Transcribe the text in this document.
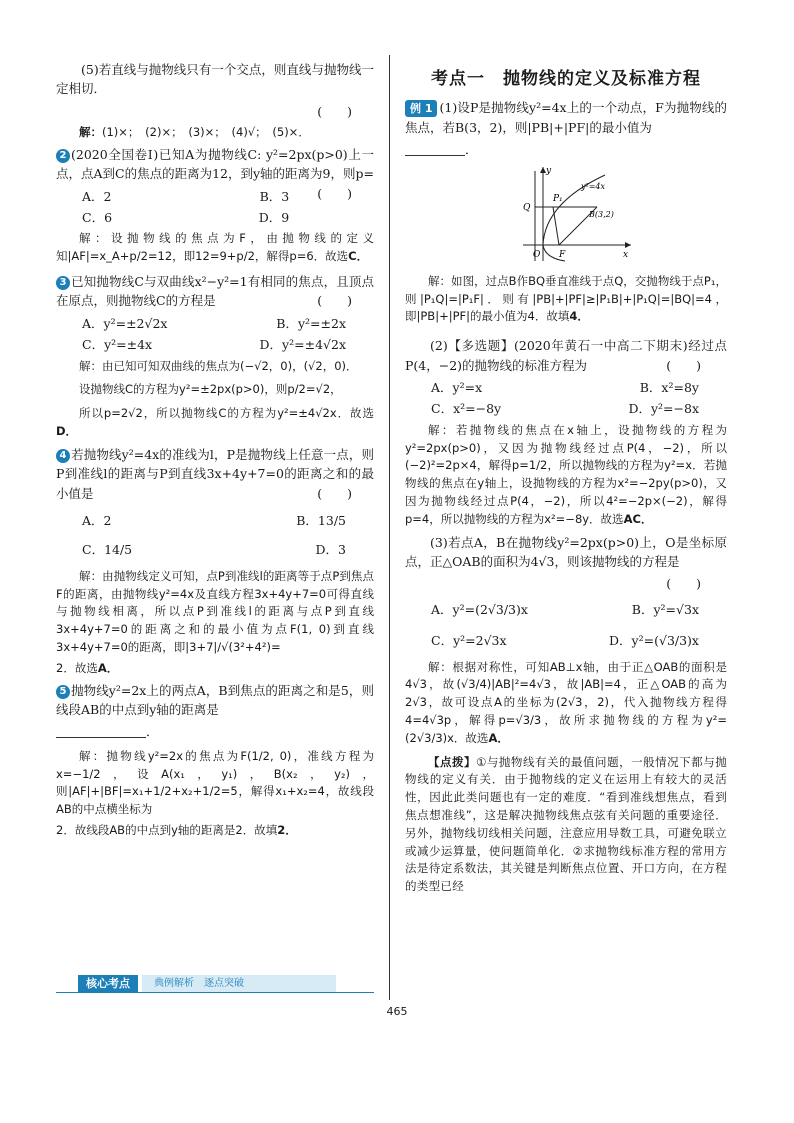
(5)若直线与抛物线只有一个交点，则直线与抛物线一定相切．

(　　)

解：(1)×；　(2)×；　(3)×；　(4)√；　(5)×．

2 (2020全国卷Ⅰ)已知A为抛物线C: y²=2px(p>0)上一点，点A到C的焦点的距离为12，到y轴的距离为9，则p=
(　　)

A．2	B．3
C．6	D．9

解：设抛物线的焦点为F，由抛物线的定义知|AF|=x_A+p/2=12，即12=9+p/2，解得p=6．故选C．

3 已知抛物线C与双曲线x²−y²=1有相同的焦点，且顶点在原点，则抛物线C的方程是	(　　)

A．y²=±2√2x	B．y²=±2x
C．y²=±4x	D．y²=±4√2x

解：由已知可知双曲线的焦点为(−√2，0)，(√2，0)．

设抛物线C的方程为y²=±2px(p>0)，则p/2=√2，

所以p=2√2，所以抛物线C的方程为y²=±4√2x．故选D．

4 若抛物线y²=4x的准线为l，P是抛物线上任意一点，则P到准线l的距离与P到直线3x+4y+7=0的距离之和的最小值是	(　　)

A．2	B．13/5
C．14/5	D．3

解：由抛物线定义可知，点P到准线l的距离等于点P到焦点F的距离，由抛物线y²=4x及直线方程3x+4y+7=0可得直线与抛物线相离，所以点P到准线l的距离与点P到直线3x+4y+7=0的距离之和的最小值为点F(1, 0)到直线3x+4y+7=0的距离，即|3+7|/√(3²+4²)=

2．故选A．

5 抛物线y²=2x上的两点A，B到焦点的距离之和是5，则线段AB的中点到y轴的距离是

．

解：抛物线y²=2x的焦点为F(1/2, 0)，准线方程为x=−1/2，设A(x₁，y₁)，B(x₂，y₂)，则|AF|+|BF|=x₁+1/2+x₂+1/2=5，解得x₁+x₂=4，故线段AB的中点横坐标为

2．故线段AB的中点到y轴的距离是2．故填2．

核心考点	典例解析　逐点突破
考点一　抛物线的定义及标准方程

例 1 (1)设P是抛物线y²=4x上的一个动点，F为抛物线的焦点，若B(3，2)，则|PB|+|PF|的最小值为

．

y
Q
P₁
y²=4x
B(3,2)
O F	x

解：如图，过点B作BQ垂直准线于点Q，交抛物线于点P₁，则|P₁Q|=|P₁F|．则有|PB|+|PF|≥|P₁B|+|P₁Q|=|BQ|=4，即|PB|+|PF|的最小值为4．故填4．

(2)【多选题】(2020年黄石一中高二下期末)经过点P(4，−2)的抛物线的标准方程为	(　　)

A．y²=x	B．x²=8y
C．x²=−8y	D．y²=−8x

解：若抛物线的焦点在x轴上，设抛物线的方程为y²=2px(p>0)，又因为抛物线经过点P(4，−2)，所以(−2)²=2p×4，解得p=1/2，所以抛物线的方程为y²=x．若抛物线的焦点在y轴上，设抛物线的方程为x²=−2py(p>0)，又因为抛物线经过点P(4，−2)，所以4²=−2p×(−2)，解得p=4，所以抛物线的方程为x²=−8y．故选AC．

(3)若点A，B在抛物线y²=2px(p>0)上，O是坐标原点，正△OAB的面积为4√3，则该抛物线的方程是

(　　)

A．y²=(2√3/3)x	B．y²=√3x
C．y²=2√3x	D．y²=(√3/3)x

解：根据对称性，可知AB⊥x轴，由于正△OAB的面积是4√3，故(√3/4)|AB|²=4√3，故|AB|=4，正△OAB的高为2√3，故可设点A的坐标为(2√3，2)，代入抛物线方程得4=4√3p，解得p=√3/3，故所求抛物线的方程为y²=(2√3/3)x．故选A．

【点拨】①与抛物线有关的最值问题，一般情况下都与抛物线的定义有关．由于抛物线的定义在运用上有较大的灵活性，因此此类问题也有一定的难度．“看到准线想焦点，看到焦点想准线”，这是解决抛物线焦点弦有关问题的重要途径．另外，抛物线切线相关问题，注意应用导数工具，可避免联立或减少运算量，使问题简单化．②求抛物线标准方程的常用方法是待定系数法，其关键是判断焦点位置、开口方向，在方程的类型已经

465
